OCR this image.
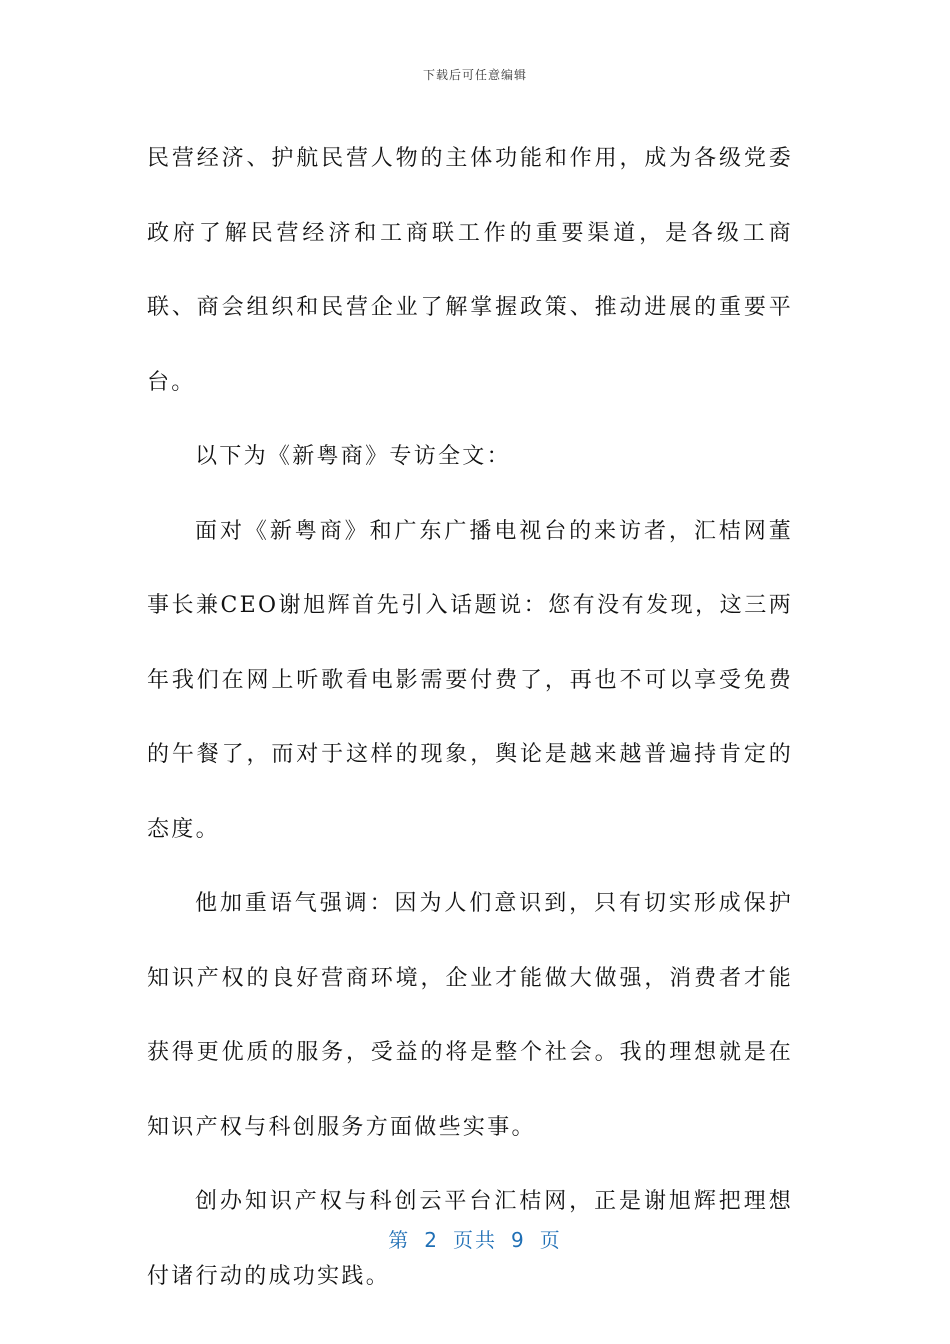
下载后可任意编辑

民营经济、护航民营人物的主体功能和作用，成为各级党委政府了解民营经济和工商联工作的重要渠道，是各级工商联、商会组织和民营企业了解掌握政策、推动进展的重要平台。

以下为《新粤商》专访全文：

面对《新粤商》和广东广播电视台的来访者，汇桔网董事长兼CEO谢旭辉首先引入话题说：您有没有发现，这三两年我们在网上听歌看电影需要付费了，再也不可以享受免费的午餐了，而对于这样的现象，舆论是越来越普遍持肯定的态度。

他加重语气强调：因为人们意识到，只有切实形成保护知识产权的良好营商环境，企业才能做大做强，消费者才能获得更优质的服务，受益的将是整个社会。我的理想就是在知识产权与科创服务方面做些实事。

创办知识产权与科创云平台汇桔网，正是谢旭辉把理想付诸行动的成功实践。

第 2 页共 9 页
